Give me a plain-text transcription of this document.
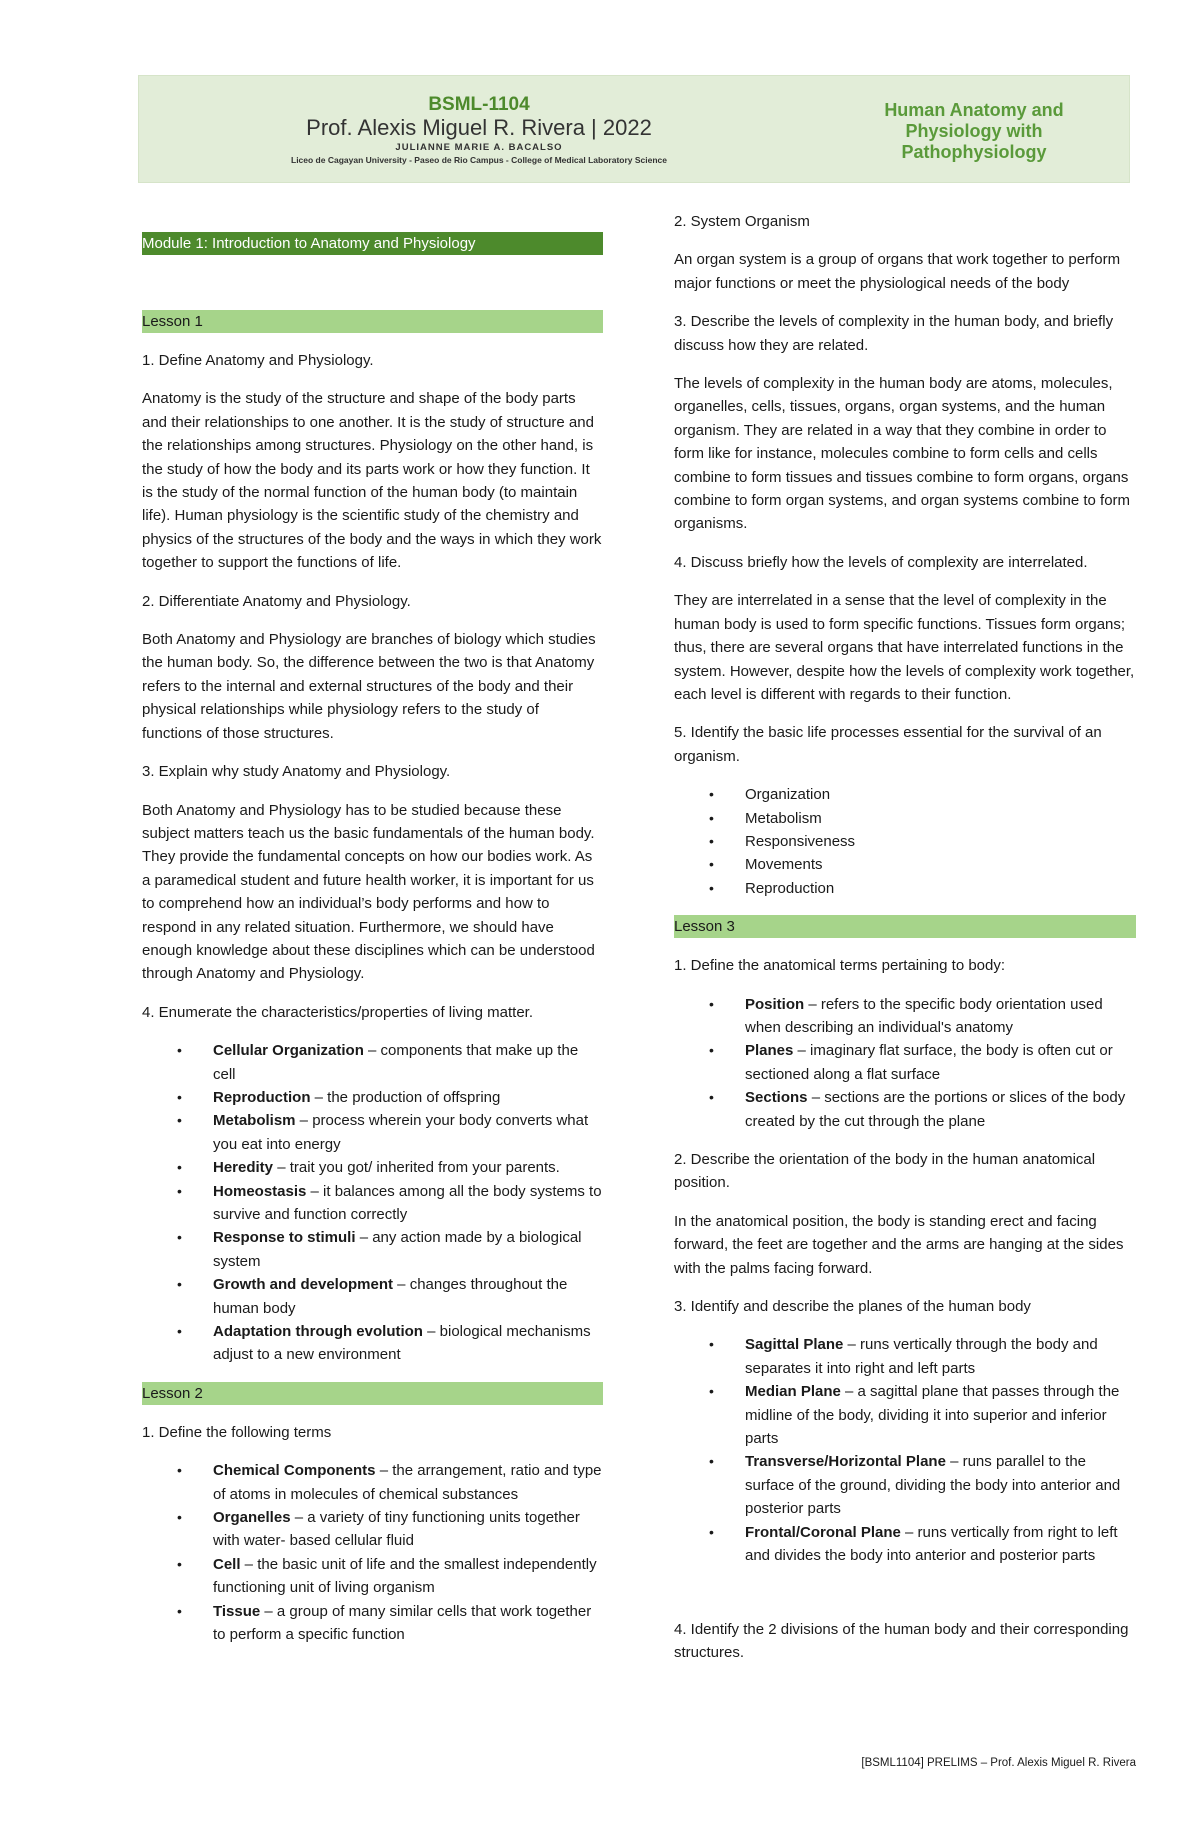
BSML-1104
Prof. Alexis Miguel R. Rivera | 2022
JULIANNE MARIE A. BACALSO
Liceo de Cagayan University - Paseo de Rio Campus - College of Medical Laboratory Science
Human Anatomy and Physiology with Pathophysiology
Module 1: Introduction to Anatomy and Physiology
Lesson 1

1. Define Anatomy and Physiology.

Anatomy is the study of the structure and shape of the body parts and their relationships to one another. It is the study of structure and the relationships among structures. Physiology on the other hand, is the study of how the body and its parts work or how they function. It is the study of the normal function of the human body (to maintain life). Human physiology is the scientific study of the chemistry and physics of the structures of the body and the ways in which they work together to support the functions of life.

2. Differentiate Anatomy and Physiology.

Both Anatomy and Physiology are branches of biology which studies the human body. So, the difference between the two is that Anatomy refers to the internal and external structures of the body and their physical relationships while physiology refers to the study of functions of those structures.

3. Explain why study Anatomy and Physiology.

Both Anatomy and Physiology has to be studied because these subject matters teach us the basic fundamentals of the human body. They provide the fundamental concepts on how our bodies work. As a paramedical student and future health worker, it is important for us to comprehend how an individual’s body performs and how to respond in any related situation. Furthermore, we should have enough knowledge about these disciplines which can be understood through Anatomy and Physiology.

4. Enumerate the characteristics/properties of living matter.

• Cellular Organization – components that make up the cell
• Reproduction – the production of offspring
• Metabolism – process wherein your body converts what you eat into energy
• Heredity – trait you got/ inherited from your parents.
• Homeostasis – it balances among all the body systems to survive and function correctly
• Response to stimuli – any action made by a biological system
• Growth and development – changes throughout the human body
• Adaptation through evolution – biological mechanisms adjust to a new environment
Lesson 2

1. Define the following terms

• Chemical Components – the arrangement, ratio and type of atoms in molecules of chemical substances
• Organelles – a variety of tiny functioning units together with water- based cellular fluid
• Cell – the basic unit of life and the smallest independently functioning unit of living organism
• Tissue – a group of many similar cells that work together to perform a specific function

2. System Organism

An organ system is a group of organs that work together to perform major functions or meet the physiological needs of the body

3. Describe the levels of complexity in the human body, and briefly discuss how they are related.

The levels of complexity in the human body are atoms, molecules, organelles, cells, tissues, organs, organ systems, and the human organism. They are related in a way that they combine in order to form like for instance, molecules combine to form cells and cells combine to form tissues and tissues combine to form organs, organs combine to form organ systems, and organ systems combine to form organisms.

4. Discuss briefly how the levels of complexity are interrelated.

They are interrelated in a sense that the level of complexity in the human body is used to form specific functions. Tissues form organs; thus, there are several organs that have interrelated functions in the system. However, despite how the levels of complexity work together, each level is different with regards to their function.

5. Identify the basic life processes essential for the survival of an organism.

• Organization
• Metabolism
• Responsiveness
• Movements
• Reproduction
Lesson 3

1. Define the anatomical terms pertaining to body:

• Position – refers to the specific body orientation used when describing an individual's anatomy
• Planes – imaginary flat surface, the body is often cut or sectioned along a flat surface
• Sections – sections are the portions or slices of the body created by the cut through the plane

2. Describe the orientation of the body in the human anatomical position.

In the anatomical position, the body is standing erect and facing forward, the feet are together and the arms are hanging at the sides with the palms facing forward.

3. Identify and describe the planes of the human body

• Sagittal Plane – runs vertically through the body and separates it into right and left parts
• Median Plane – a sagittal plane that passes through the midline of the body, dividing it into superior and inferior parts
• Transverse/Horizontal Plane – runs parallel to the surface of the ground, dividing the body into anterior and posterior parts
• Frontal/Coronal Plane – runs vertically from right to left and divides the body into anterior and posterior parts

4. Identify the 2 divisions of the human body and their corresponding structures.

[BSML1104] PRELIMS – Prof. Alexis Miguel R. Rivera
